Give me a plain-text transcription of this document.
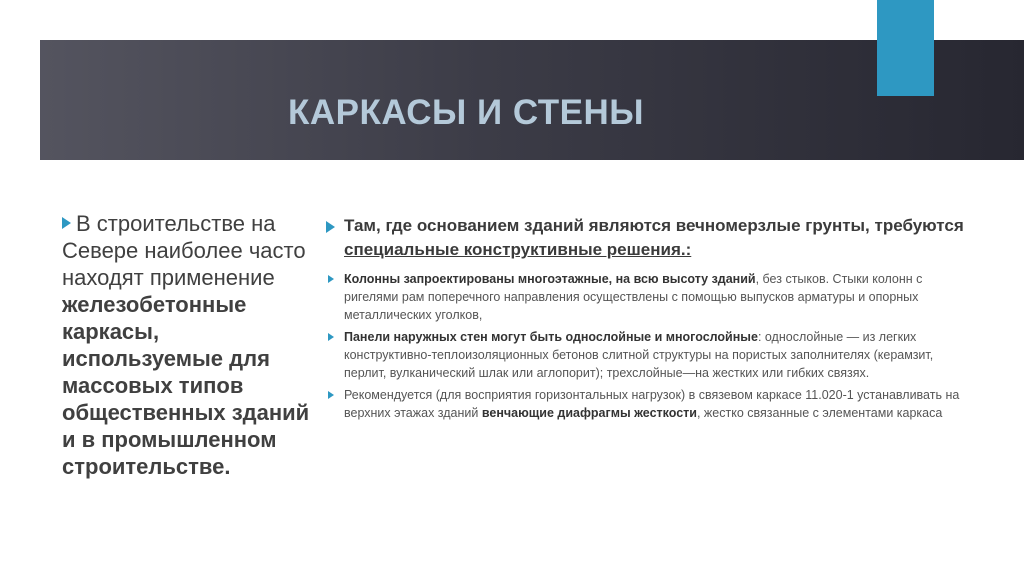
КАРКАСЫ И СТЕНЫ
В строительстве на Севере наиболее часто находят применение железобетонные каркасы, используемые для массовых типов общественных зданий и в промышленном строительстве.
Там, где основанием зданий являются вечномерзлые грунты, требуются специальные конструктивные решения.:
Колонны запроектированы многоэтажные, на всю высоту зданий, без стыков. Стыки колонн с ригелями рам поперечного направления осуществлены с помощью выпусков арматуры и опорных металлических уголков,
Панели наружных стен могут быть однослойные и многослойные: однослойные — из легких конструктивно-теплоизоляционных бетонов слитной структуры на пористых заполнителях (керамзит, перлит, вулканический шлак или аглопорит); трехслойные—на жестких или гибких связях.
Рекомендуется (для восприятия горизонтальных нагрузок) в связевом каркасе 11.020-1 устанавливать на верхних этажах зданий венчающие диафрагмы жесткости, жестко связанные с элементами каркаса
